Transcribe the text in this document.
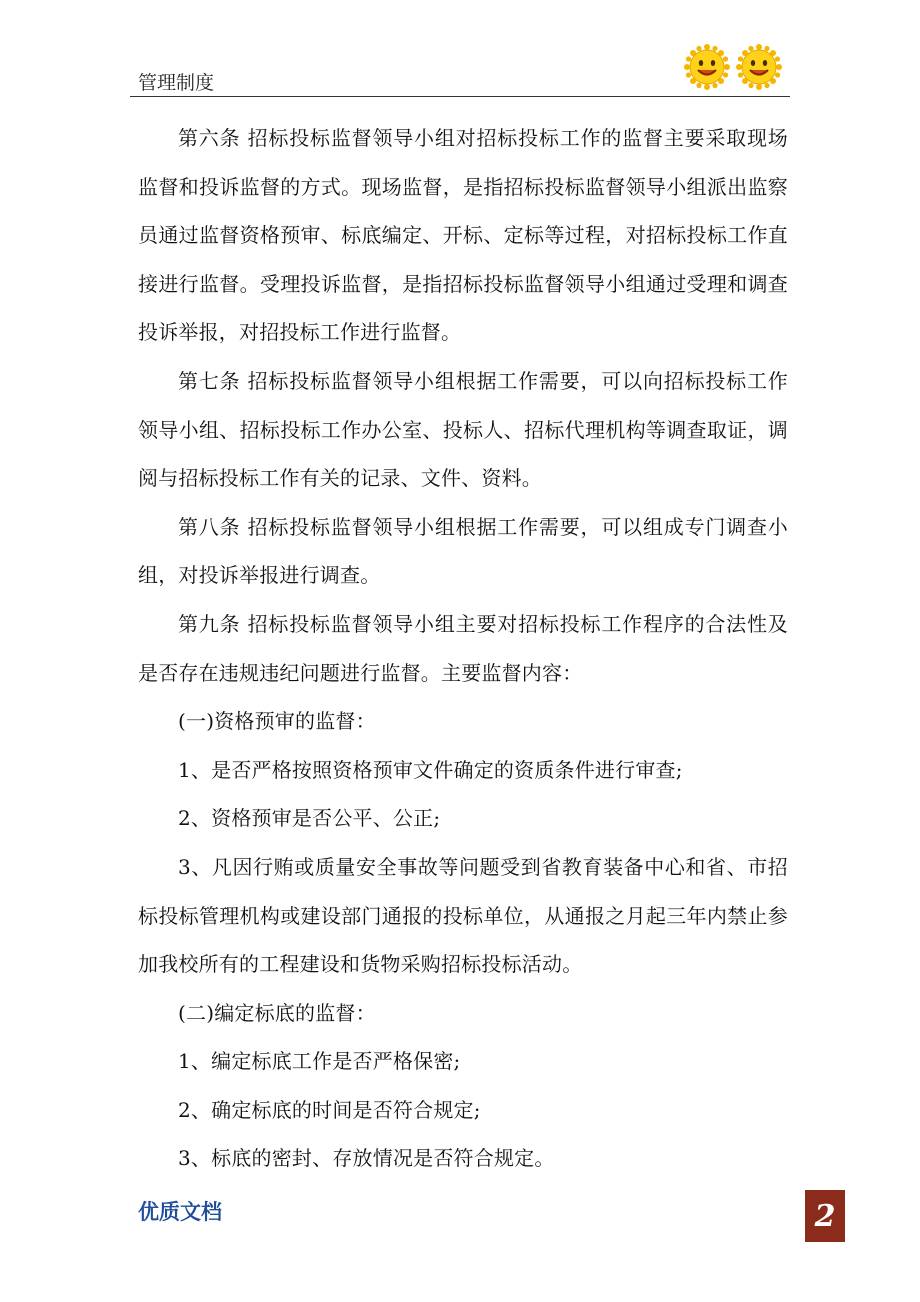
管理制度

第六条 招标投标监督领导小组对招标投标工作的监督主要采取现场监督和投诉监督的方式。现场监督，是指招标投标监督领导小组派出监察员通过监督资格预审、标底编定、开标、定标等过程，对招标投标工作直接进行监督。受理投诉监督，是指招标投标监督领导小组通过受理和调查投诉举报，对招投标工作进行监督。

第七条 招标投标监督领导小组根据工作需要，可以向招标投标工作领导小组、招标投标工作办公室、投标人、招标代理机构等调查取证，调阅与招标投标工作有关的记录、文件、资料。

第八条 招标投标监督领导小组根据工作需要，可以组成专门调查小组，对投诉举报进行调查。

第九条 招标投标监督领导小组主要对招标投标工作程序的合法性及是否存在违规违纪问题进行监督。主要监督内容：

(一)资格预审的监督：

1、是否严格按照资格预审文件确定的资质条件进行审查;

2、资格预审是否公平、公正;

3、凡因行贿或质量安全事故等问题受到省教育装备中心和省、市招标投标管理机构或建设部门通报的投标单位，从通报之月起三年内禁止参加我校所有的工程建设和货物采购招标投标活动。

(二)编定标底的监督：

1、编定标底工作是否严格保密;

2、确定标底的时间是否符合规定;

3、标底的密封、存放情况是否符合规定。

优质文档	2
